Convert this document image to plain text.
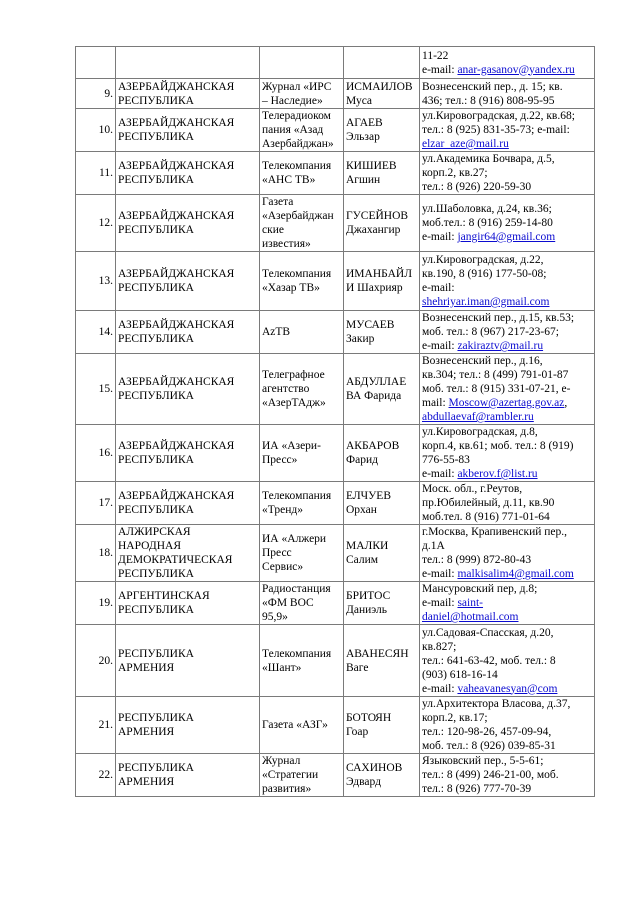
				11-22
e-mail: anar-gasanov@yandex.ru

9.	АЗЕРБАЙДЖАНСКАЯ
РЕСПУБЛИКА	Журнал «ИРС
– Наследие»	ИСМАИЛОВ
Муса	Вознесенский пер., д. 15; кв.
436; тел.: 8 (916) 808-95-95

10.	АЗЕРБАЙДЖАНСКАЯ
РЕСПУБЛИКА	Телерадиоком
пания «Азад
Азербайджан»	АГАЕВ
Эльзар	ул.Кировоградская, д.22, кв.68;
тел.: 8 (925) 831-35-73; e-mail:
elzar_aze@mail.ru

11.	АЗЕРБАЙДЖАНСКАЯ
РЕСПУБЛИКА	Телекомпания
«АНС ТВ»	КИШИЕВ
Агшин	ул.Академика Бочвара, д.5,
корп.2, кв.27;
тел.: 8 (926) 220-59-30

12.	АЗЕРБАЙДЖАНСКАЯ
РЕСПУБЛИКА	Газета
«Азербайджан
ские
известия»	ГУСЕЙНОВ
Джахангир	ул.Шаболовка, д.24, кв.36;
моб.тел.: 8 (916) 259-14-80
e-mail: jangir64@gmail.com

13.	АЗЕРБАЙДЖАНСКАЯ
РЕСПУБЛИКА	Телекомпания
«Хазар ТВ»	ИМАНБАЙЛ
И Шахрияр	ул.Кировоградская, д.22,
кв.190, 8 (916) 177-50-08;
e-mail:
shehriyar.iman@gmail.com

14.	АЗЕРБАЙДЖАНСКАЯ
РЕСПУБЛИКА	AzTB	МУСАЕВ
Закир	Вознесенский пер., д.15, кв.53;
моб. тел.: 8 (967) 217-23-67;
e-mail: zakiraztv@mail.ru

15.	АЗЕРБАЙДЖАНСКАЯ
РЕСПУБЛИКА	Телеграфное
агентство
«АзерТАдж»	АБДУЛЛАЕ
ВА Фарида	Вознесенский пер., д.16,
кв.304; тел.: 8 (499) 791-01-87
моб. тел.: 8 (915) 331-07-21, e-
mail: Moscow@azertag.gov.az,
abdullaevaf@rambler.ru

16.	АЗЕРБАЙДЖАНСКАЯ
РЕСПУБЛИКА	ИА «Азери-
Пресс»	АКБАРОВ
Фарид	ул.Кировоградская, д.8,
корп.4, кв.61; моб. тел.: 8 (919)
776-55-83
e-mail: akberov.f@list.ru

17.	АЗЕРБАЙДЖАНСКАЯ
РЕСПУБЛИКА	Телекомпания
«Тренд»	ЕЛЧУЕВ
Орхан	Моск. обл., г.Реутов,
пр.Юбилейный, д.11, кв.90
моб.тел. 8 (916) 771-01-64

18.	АЛЖИРСКАЯ
НАРОДНАЯ
ДЕМОКРАТИЧЕСКАЯ
РЕСПУБЛИКА	ИА «Алжери
Пресс
Сервис»	МАЛКИ
Салим	г.Москва, Крапивенский пер.,
д.1А
тел.: 8 (999) 872-80-43
e-mail: malkisalim4@gmail.com

19.	АРГЕНТИНСКАЯ
РЕСПУБЛИКА	Радиостанция
«ФМ ВОС
95,9»	БРИТОС
Даниэль	Мансуровский пер, д.8;
e-mail: saint-
daniel@hotmail.com

20.	РЕСПУБЛИКА
АРМЕНИЯ	Телекомпания
«Шант»	АВАНЕСЯН
Ваге	ул.Садовая-Спасская, д.20,
кв.827;
тел.: 641-63-42, моб. тел.: 8
(903) 618-16-14
e-mail: vaheavanesyan@com

21.	РЕСПУБЛИКА
АРМЕНИЯ	Газета «АЗГ»	БОТОЯН
Гоар	ул.Архитектора Власова, д.37,
корп.2, кв.17;
тел.: 120-98-26, 457-09-94,
моб. тел.: 8 (926) 039-85-31

22.	РЕСПУБЛИКА
АРМЕНИЯ	Журнал
«Стратегии
развития»	САХИНОВ
Эдвард	Языковский пер., 5-5-61;
тел.: 8 (499) 246-21-00, моб.
тел.: 8 (926) 777-70-39
